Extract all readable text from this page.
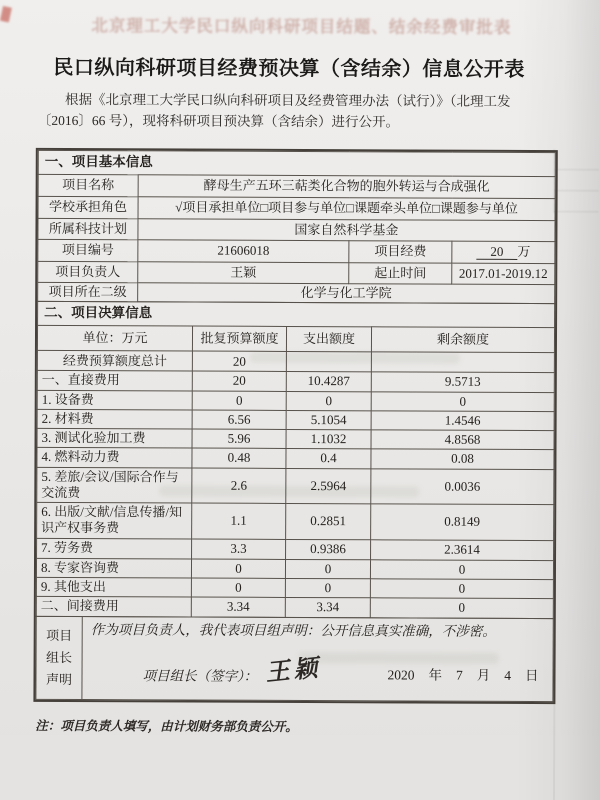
北京理工大学民口纵向科研项目结题、结余经费审批表
民口纵向科研项目经费预决算（含结余）信息公开表
根据《北京理工大学民口纵向科研项目及经费管理办法（试行）》（北理工发〔2016〕66 号），现将科研项目预决算（含结余）进行公开。
一、项目基本信息			
项目名称	酵母生产五环三萜类化合物的胞外转运与合成强化		
学校承担角色	√项目承担单位□项目参与单位□课题牵头单位□课题参与单位		
所属科技计划	国家自然科学基金		
项目编号	21606018	项目经费	20 万
项目负责人	王颖	起止时间	2017.01-2019.12
项目所在二级	化学与化工学院		
二、项目决算信息			
单位：万元	批复预算额度	支出额度	剩余额度
经费预算额度总计	20		
一、直接费用	20	10.4287	9.5713
1. 设备费	0	0	0
2. 材料费	6.56	5.1054	1.4546
3. 测试化验加工费	5.96	1.1032	4.8568
4. 燃料动力费	0.48	0.4	0.08
5. 差旅/会议/国际合作与交流费	2.6	2.5964	0.0036
6. 出版/文献/信息传播/知识产权事务费	1.1	0.2851	0.8149
7. 劳务费	3.3	0.9386	2.3614
8. 专家咨询费	0	0	0
9. 其他支出	0	0	0
二、间接费用	3.34	3.34	0
项目
组长
声明

作为项目负责人，我代表项目组声明：公开信息真实准确，不涉密。
项目组长（签字）： 王颖	2020 年 7 月 4 日
注：项目负责人填写，由计划财务部负责公开。
